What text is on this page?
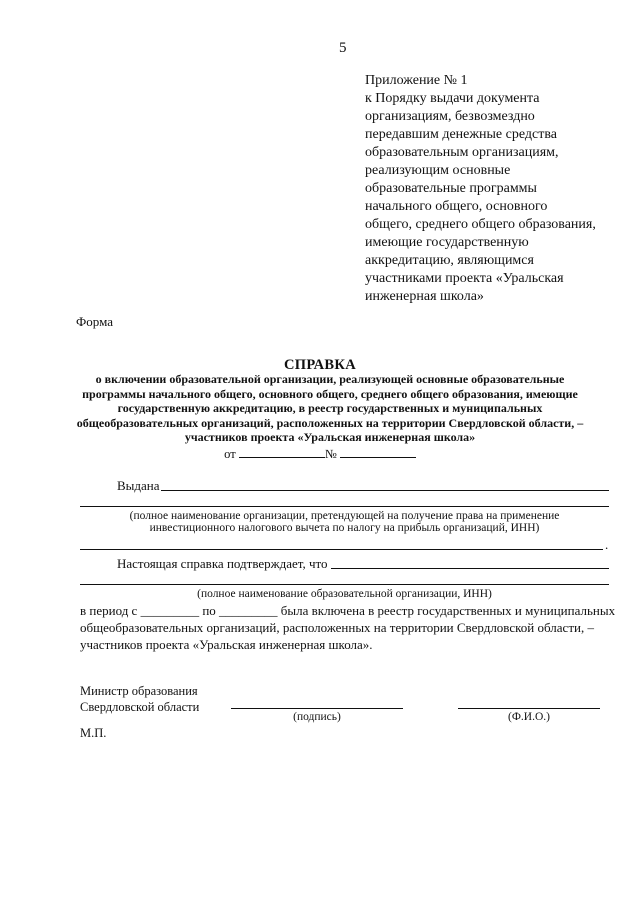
5
Приложение № 1
к Порядку выдачи документа
организациям, безвозмездно
передавшим денежные средства
образовательным организациям,
реализующим основные
образовательные программы
начального общего, основного
общего, среднего общего образования,
имеющие государственную
аккредитацию, являющимся
участниками проекта «Уральская
инженерная школа»
Форма
СПРАВКА
о включении образовательной организации, реализующей основные образовательные
программы начального общего, основного общего, среднего общего образования, имеющие
государственную аккредитацию, в реестр государственных и муниципальных
общеобразовательных организаций, расположенных на территории Свердловской области, –
участников проекта «Уральская инженерная школа»
от	№
Выдана
(полное наименование организации, претендующей на получение права на применение
инвестиционного налогового вычета по налогу на прибыль организаций, ИНН)
.
Настоящая справка подтверждает, что
(полное наименование образовательной организации, ИНН)
в период с _________ по _________ была включена в реестр государственных и муниципальных
общеобразовательных организаций, расположенных на территории Свердловской области, –
участников проекта «Уральская инженерная школа».
Министр образования
Свердловской области
(подпись)	(Ф.И.О.)
М.П.
